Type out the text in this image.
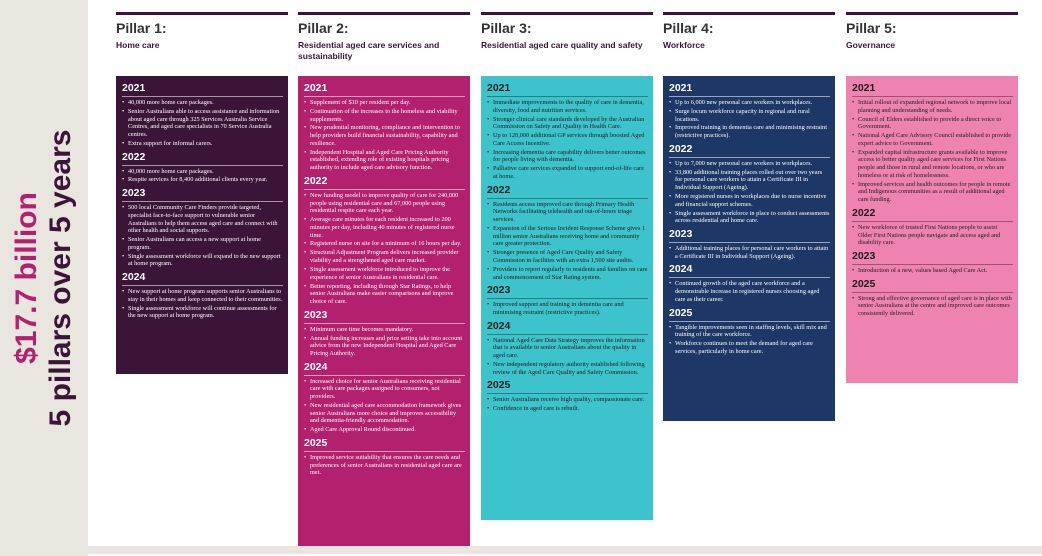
$17.7 billion 5 pillars over 5 years
Pillar 1:
Home care
2021
• 40,000 more home care packages.
• Senior Australians able to access assistance and information about aged care through 325 Services Australia Service Centres, and aged care specialists in 70 Service Australia centres.
• Extra support for informal carers.
2022
• 40,000 more home care packages.
• Respite services for 8,400 additional clients every year.
2023
• 500 local Community Care Finders provide targeted, specialist face-to-face support to vulnerable senior Australians to help them access aged care and connect with other health and social supports.
• Senior Australians can access a new support at home program.
• Single assessment workforce will expand to the new support at home program.
2024
• New support at home program supports senior Australians to stay in their homes and keep connected to their communities.
• Single assessment workforce will continue assessments for the new support at home program.
Pillar 2:
Residential aged care services and sustainability
2021
• Supplement of $10 per resident per day.
• Continuation of the increases to the homeless and viability supplements.
• New prudential monitoring, compliance and intervention to help providers build financial sustainability, capability and resilience.
• Independent Hospital and Aged Care Pricing Authority established, extending role of existing hospitals pricing authority to include aged care advisory function.
2022
• New funding model to improve quality of care for 240,000 people using residential care and 67,000 people using residential respite care each year.
• Average care minutes for each resident increased to 200 minutes per day, including 40 minutes of registered nurse time.
• Registered nurse on site for a minimum of 16 hours per day.
• Structural Adjustment Program delivers increased provider viability and a strengthened aged care market.
• Single assessment workforce introduced to improve the experience of senior Australians in residential care.
• Better reporting, including through Star Ratings, to help senior Australians make easier comparisons and improve choice of care.
2023
• Minimum care time becomes mandatory.
• Annual funding increases and price setting take into account advice from the new Independent Hospital and Aged Care Pricing Authority.
2024
• Increased choice for senior Australians receiving residential care with care packages assigned to consumers, not providers.
• New residential aged care accommodation framework gives senior Australians more choice and improves accessibility and dementia-friendly accommodation.
• Aged Care Approval Round discontinued.
2025
• Improved service suitability that ensures the care needs and preferences of senior Australians in residential aged care are met.
Pillar 3:
Residential aged care quality and safety
2021
• Immediate improvements to the quality of care in dementia, diversity, food and nutrition services.
• Stronger clinical care standards developed by the Australian Commission on Safety and Quality in Health Care.
• Up to 120,000 additional GP services through boosted Aged Care Access Incentive.
• Increasing dementia care capability delivers better outcomes for people living with dementia.
• Palliative care services expanded to support end-of-life care at home.
2022
• Residents access improved care through Primary Health Networks facilitating telehealth and out-of-hours triage services.
• Expansion of the Serious Incident Response Scheme gives 1 million senior Australians receiving home and community care greater protection.
• Stronger presence of Aged Care Quality and Safety Commission in facilities with an extra 1,500 site audits.
• Providers to report regularly to residents and families on care and commencement of Star Rating system.
2023
• Improved support and training in dementia care and minimising restraint (restrictive practices).
2024
• National Aged Care Data Strategy improves the information that is available to senior Australians about the quality in aged care.
• New independent regulatory authority established following review of the Aged Care Quality and Safety Commission.
2025
• Senior Australians receive high quality, compassionate care.
• Confidence in aged care is rebuilt.
Pillar 4:
Workforce
2021
• Up to 6,000 new personal care workers in workplaces.
• Surge locum workforce capacity in regional and rural locations.
• Improved training in dementia care and minimising restraint (restrictive practices).
2022
• Up to 7,000 new personal care workers in workplaces.
• 33,800 additional training places rolled out over two years for personal care workers to attain a Certificate III in Individual Support (Ageing).
• More registered nurses in workplaces due to nurse incentive and financial support schemes.
• Single assessment workforce in place to conduct assessments across residential and home care.
2023
• Additional training places for personal care workers to attain a Certificate III in Individual Support (Ageing).
2024
• Continued growth of the aged care workforce and a demonstrable increase in registered nurses choosing aged care as their career.
2025
• Tangible improvements seen in staffing levels, skill mix and training of the care workforce.
• Workforce continues to meet the demand for aged care services, particularly in home care.
Pillar 5:
Governance
2021
• Initial rollout of expanded regional network to improve local planning and understanding of needs.
• Council of Elders established to provide a direct voice to Government.
• National Aged Care Advisory Council established to provide expert advice to Government.
• Expanded capital infrastructure grants available to improve access to better quality aged care services for First Nations people and those in rural and remote locations, or who are homeless or at risk of homelessness.
• Improved services and health outcomes for people in remote and Indigenous communities as a result of additional aged care funding.
2022
• New workforce of trusted First Nations people to assist Older First Nations people navigate and access aged and disability care.
2023
• Introduction of a new, values based Aged Care Act.
2025
• Strong and effective governance of aged care is in place with senior Australians at the centre and improved care outcomes consistently delivered.
